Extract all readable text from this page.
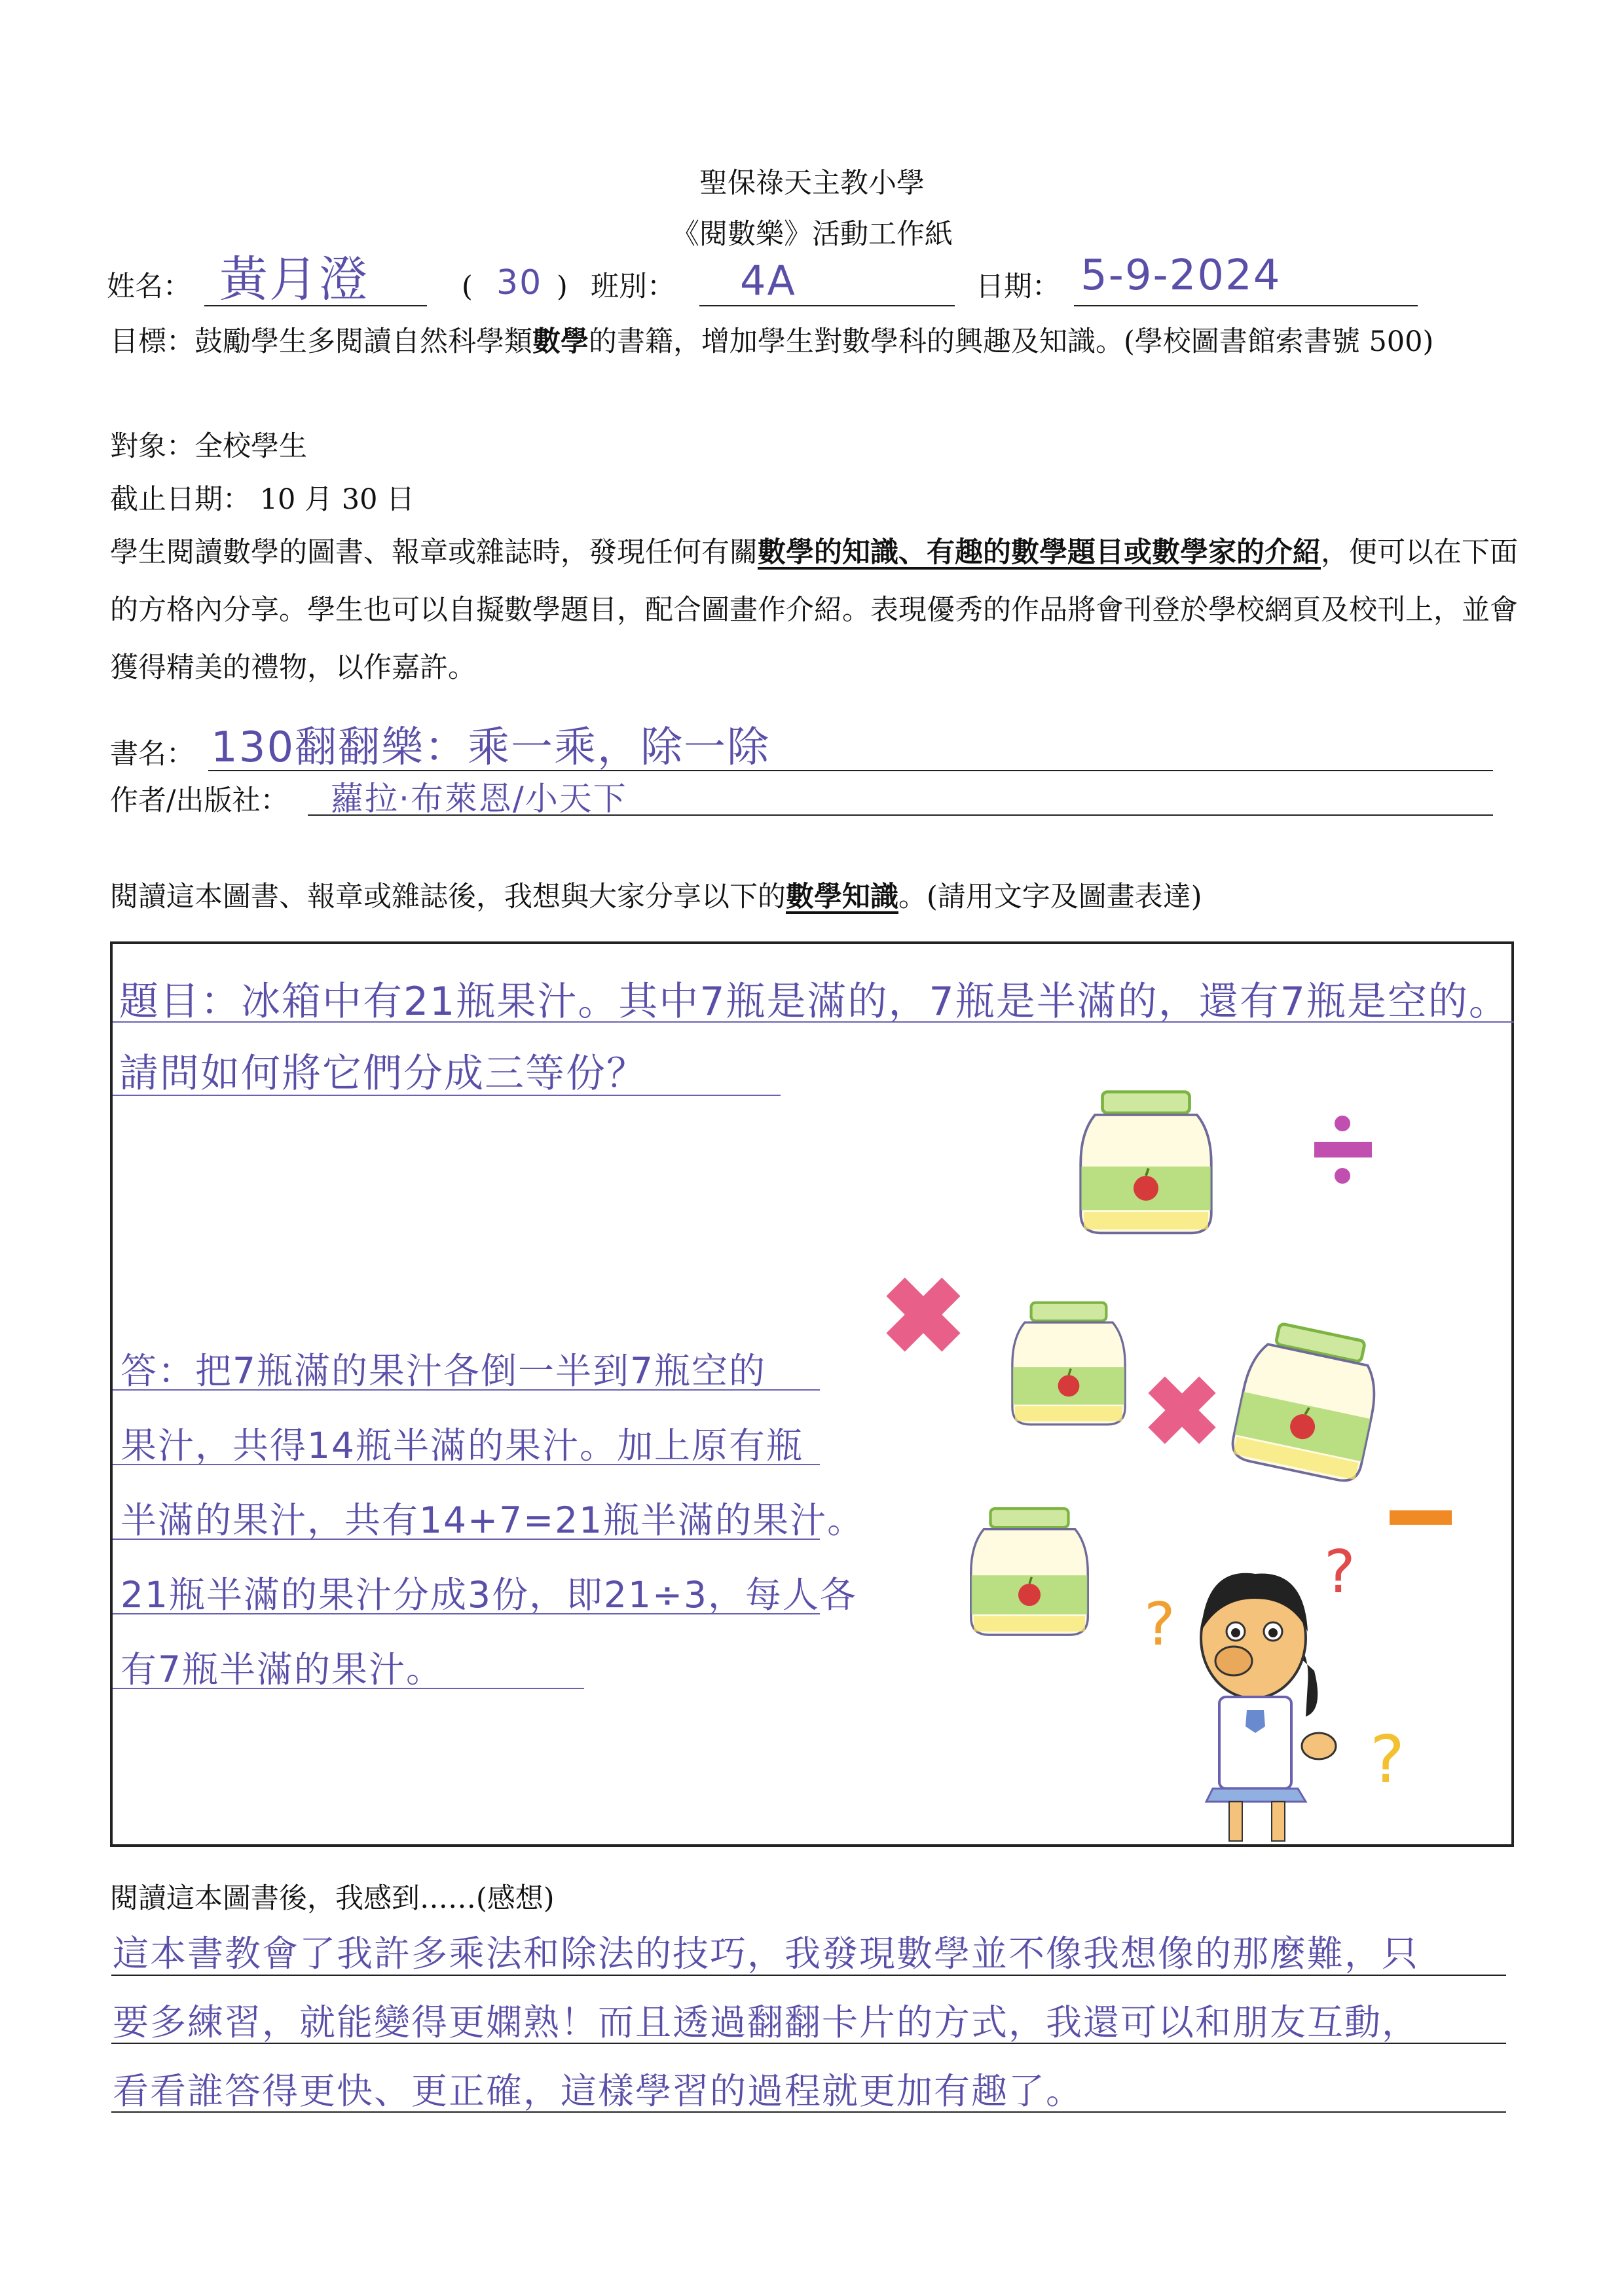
聖保祿天主教小學
《閱數樂》活動工作紙
姓名： 黃月澄	( 30 ) 班別： 4A	日期： 5-9-2024
目標：鼓勵學生多閱讀自然科學類數學的書籍，增加學生對數學科的興趣及知識。(學校圖書館索書號 500)
對象：全校學生
截止日期： 10 月 30 日
學生閱讀數學的圖書、報章或雜誌時，發現任何有關數學的知識、有趣的數學題目或數學家的介紹，便可以在下面的方格內分享。學生也可以自擬數學題目，配合圖畫作介紹。表現優秀的作品將會刊登於學校網頁及校刊上，並會獲得精美的禮物，以作嘉許。
書名： 130翻翻樂：乘一乘，除一除
作者/出版社： 蘿拉·布萊恩/小天下
閱讀這本圖書、報章或雜誌後，我想與大家分享以下的數學知識。(請用文字及圖畫表達)
題目：冰箱中有21瓶果汁。其中7瓶是滿的，7瓶是半滿的，還有7瓶是空的。
請問如何將它們分成三等份？
答：把7瓶滿的果汁各倒一半到7瓶空的
果汁，共得14瓶半滿的果汁。加上原有瓶
半滿的果汁，共有14+7=21瓶半滿的果汁。
21瓶半滿的果汁分成3份，即21÷3，每人各
有7瓶半滿的果汁。
?
?
?
閱讀這本圖書後，我感到……(感想)
這本書教會了我許多乘法和除法的技巧，我發現數學並不像我想像的那麼難，只
要多練習，就能變得更嫻熟！而且透過翻翻卡片的方式，我還可以和朋友互動，
看看誰答得更快、更正確，這樣學習的過程就更加有趣了。
